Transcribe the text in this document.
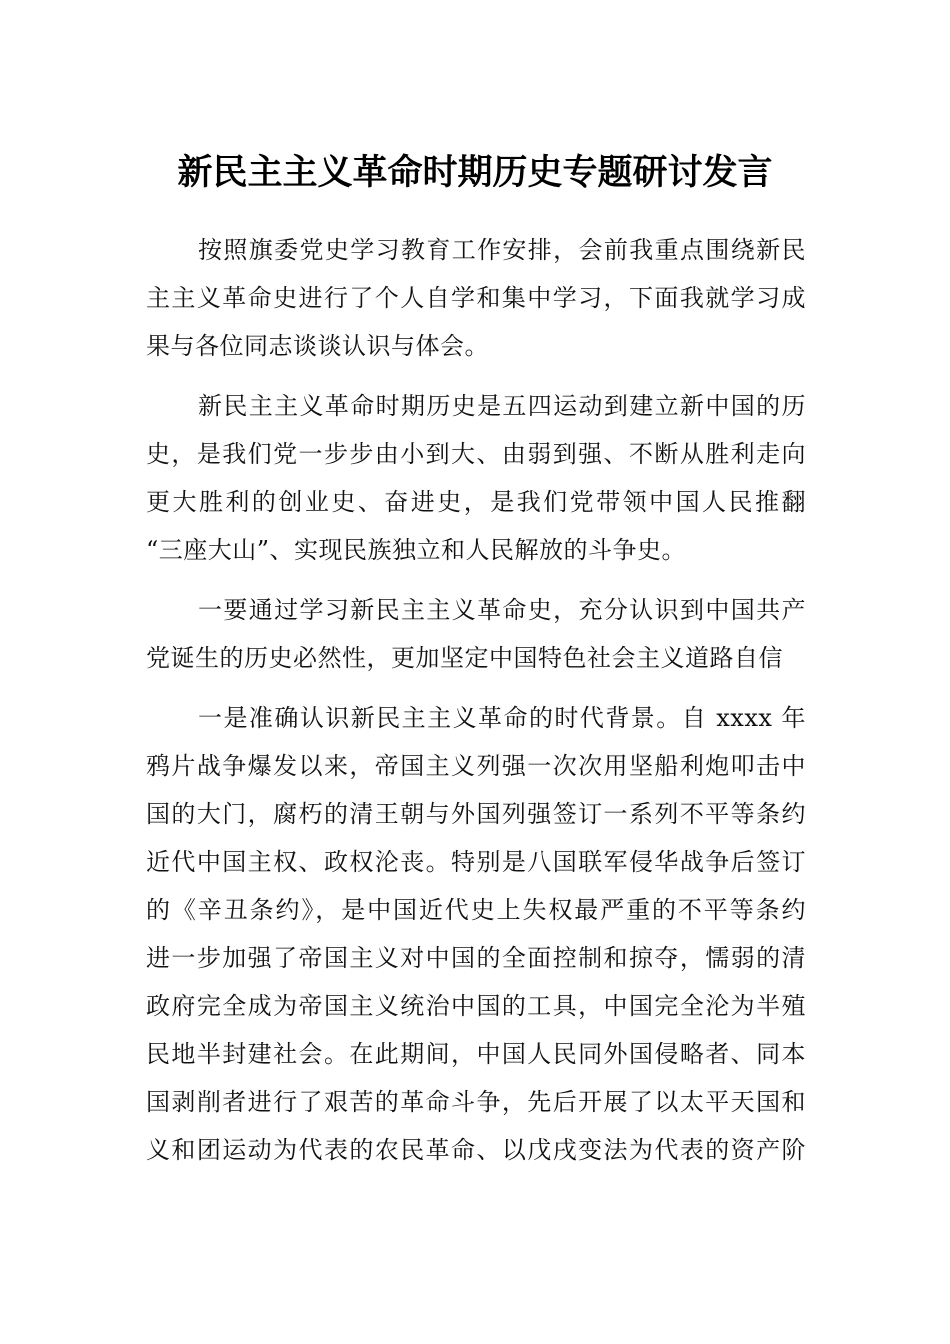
新民主主义革命时期历史专题研讨发言
按照旗委党史学习教育工作安排，会前我重点围绕新民
主主义革命史进行了个人自学和集中学习，下面我就学习成
果与各位同志谈谈认识与体会。
新民主主义革命时期历史是五四运动到建立新中国的历
史，是我们党一步步由小到大、由弱到强、不断从胜利走向
更大胜利的创业史、奋进史，是我们党带领中国人民推翻
“三座大山”、实现民族独立和人民解放的斗争史。
一要通过学习新民主主义革命史，充分认识到中国共产
党诞生的历史必然性，更加坚定中国特色社会主义道路自信
一是准确认识新民主主义革命的时代背景。自 xxxx 年
鸦片战争爆发以来，帝国主义列强一次次用坚船利炮叩击中
国的大门，腐朽的清王朝与外国列强签订一系列不平等条约
近代中国主权、政权沦丧。特别是八国联军侵华战争后签订
的《辛丑条约》，是中国近代史上失权最严重的不平等条约
进一步加强了帝国主义对中国的全面控制和掠夺，懦弱的清
政府完全成为帝国主义统治中国的工具，中国完全沦为半殖
民地半封建社会。在此期间，中国人民同外国侵略者、同本
国剥削者进行了艰苦的革命斗争，先后开展了以太平天国和
义和团运动为代表的农民革命、以戊戌变法为代表的资产阶
